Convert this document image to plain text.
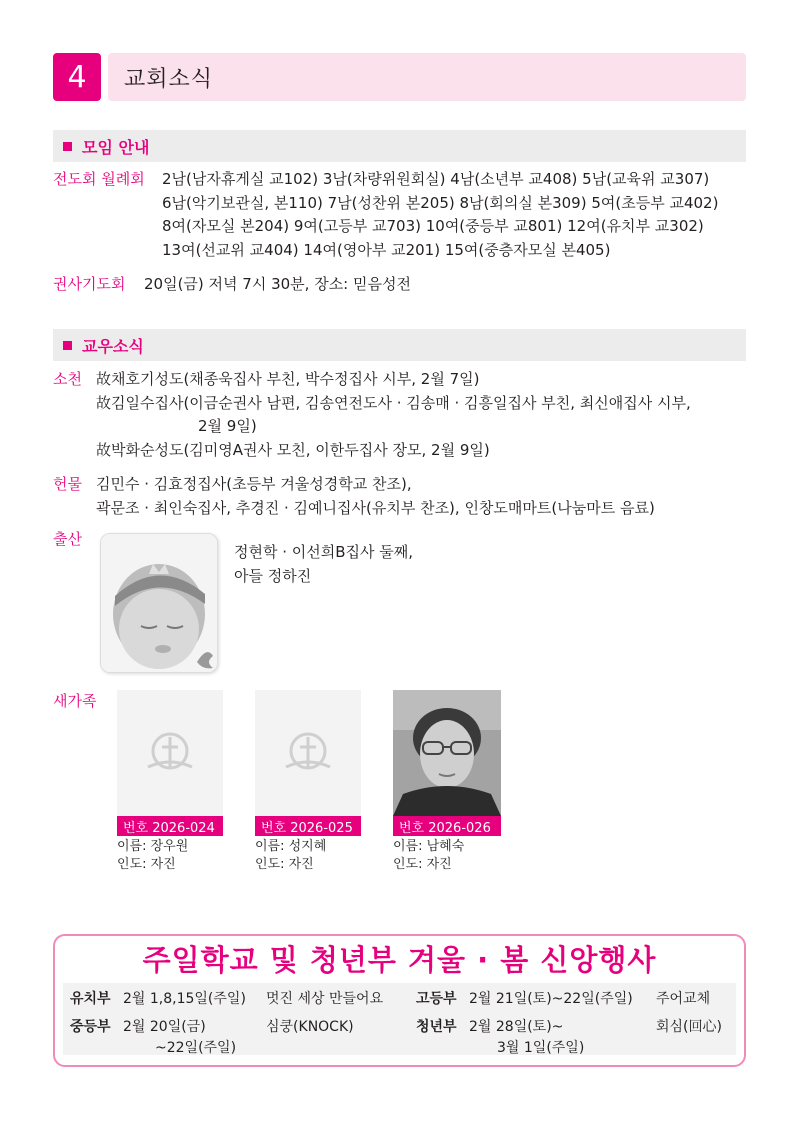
4	교회소식
모임 안내
전도회 월례회 2남(남자휴게실 교102) 3남(차량위원회실) 4남(소년부 교408) 5남(교육위 교307)
6남(악기보관실, 본110) 7남(성찬위 본205) 8남(회의실 본309) 5여(초등부 교402)
8여(자모실 본204) 9여(고등부 교703) 10여(중등부 교801) 12여(유치부 교302)
13여(선교위 교404) 14여(영아부 교201) 15여(중층자모실 본405)
권사기도회 20일(금) 저녁 7시 30분, 장소: 믿음성전
교우소식
소천 故채호기성도(채종욱집사 부친, 박수정집사 시부, 2월 7일)
故김일수집사(이금순권사 남편, 김송연전도사 · 김송매 · 김흥일집사 부친, 최신애집사 시부,
2월 9일)
故박화순성도(김미영A권사 모친, 이한두집사 장모, 2월 9일)
헌물 김민수 · 김효정집사(초등부 겨울성경학교 찬조),
곽문조 · 최인숙집사, 추경진 · 김예니집사(유치부 찬조), 인창도매마트(나눔마트 음료)
출산
정현학 · 이선희B집사 둘째,
아들 정하진
새가족
번호 2026-024
이름: 장우원
인도: 자진
번호 2026-025
이름: 성지혜
인도: 자진
번호 2026-026
이름: 남혜숙
인도: 자진
주일학교 및 청년부 겨울 · 봄 신앙행사
유치부 2월 1,8,15일(주일) 멋진 세상 만들어요
중등부 2월 20일(금)
~22일(주일)
심쿵(KNOCK)
고등부 2월 21일(토)~22일(주일) 주어교체
청년부 2월 28일(토)~
3월 1일(주일)
회심(回心)
